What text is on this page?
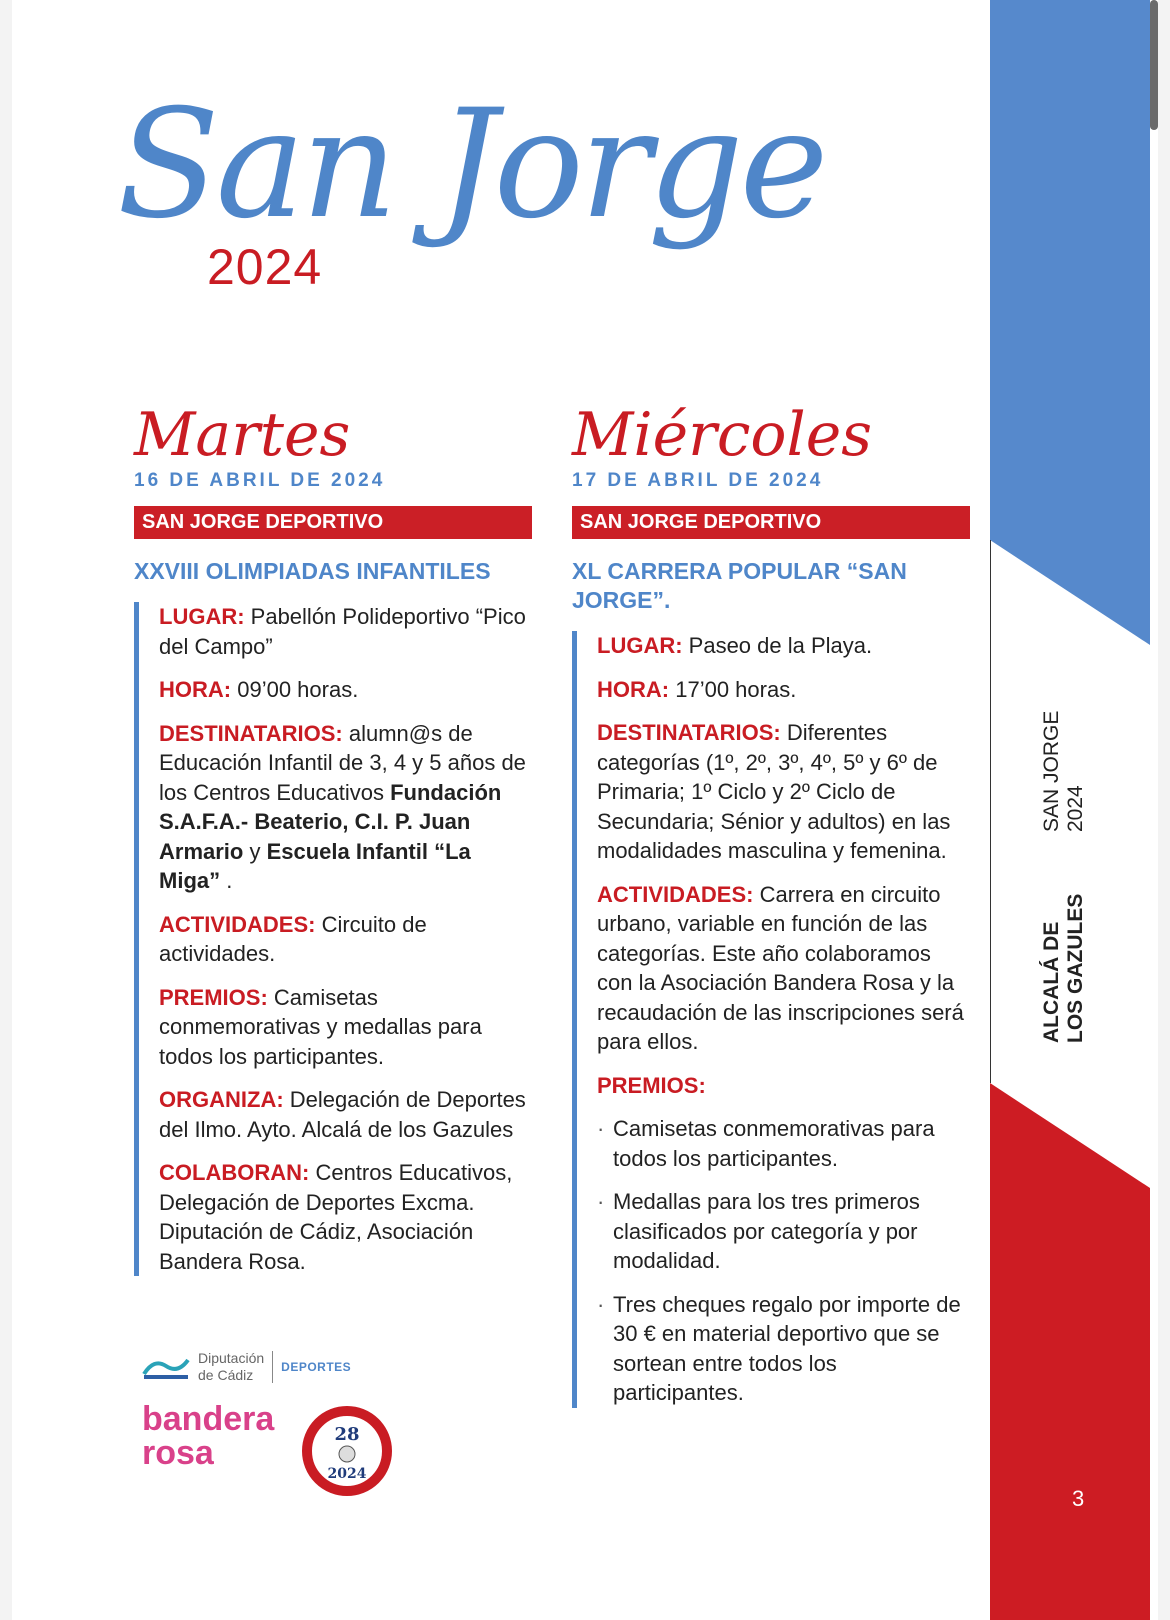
San Jorge
2024
Martes
16 DE ABRIL DE 2024
SAN JORGE DEPORTIVO
XXVIII OLIMPIADAS INFANTILES
LUGAR: Pabellón Polideportivo “Pico del Campo”
HORA: 09’00 horas.
DESTINATARIOS: alumn@s de Educación Infantil de 3, 4 y 5 años de los Centros Educativos Fundación S.A.F.A.- Beaterio, C.I. P. Juan Armario y Escuela Infantil “La Miga” .
ACTIVIDADES: Circuito de actividades.
PREMIOS: Camisetas conmemorativas y medallas para todos los participantes.
ORGANIZA: Delegación de Deportes del Ilmo. Ayto. Alcalá de los Gazules
COLABORAN: Centros Educativos, Delegación de Deportes Excma. Diputación de Cádiz, Asociación Bandera Rosa.
Miércoles
17 DE ABRIL DE 2024
SAN JORGE DEPORTIVO
XL CARRERA POPULAR “SAN JORGE”.
LUGAR: Paseo de la Playa.
HORA: 17’00 horas.
DESTINATARIOS: Diferentes categorías (1º, 2º, 3º, 4º, 5º y 6º de Primaria; 1º Ciclo y 2º Ciclo de Secundaria; Sénior y adultos) en las modalidades masculina y femenina.
ACTIVIDADES: Carrera en circuito urbano, variable en función de las categorías. Este año colaboramos con la Asociación Bandera Rosa y la recaudación de las inscripciones será para ellos.
PREMIOS:
· Camisetas conmemorativas para todos los participantes.
· Medallas para los tres primeros clasificados por categoría y por modalidad.
· Tres cheques regalo por importe de 30 € en material deportivo que se sortean entre todos los participantes.
Diputación
de Cádiz	DEPORTES
bandera
rosa	28
2024
SAN JORGE 2024
ALCALÁ DE LOS GAZULES
3
